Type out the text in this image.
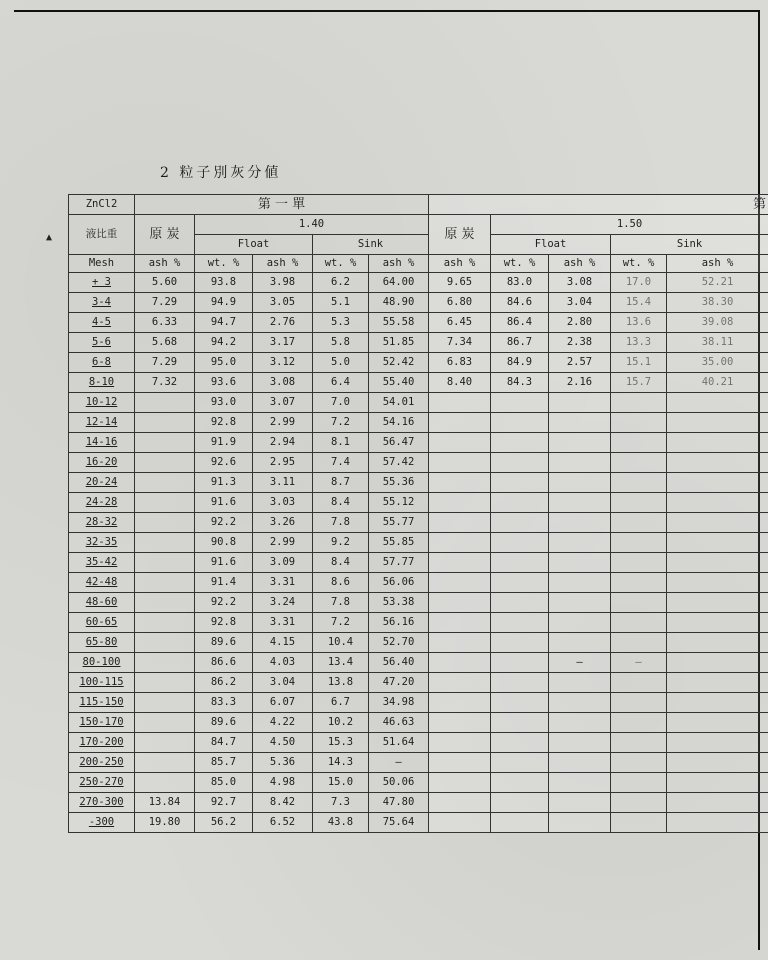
2 粒子別灰分値
▲
ZnCl2	第 一 單					第				
液比重	原 炭	1.40				原 炭	1.50			
		Float		Sink			Float		Sink	
Mesh	ash %	wt. %	ash %	wt. %	ash %	ash %	wt. %	ash %	wt. %	ash %
+ 3	5.60	93.8	3.98	6.2	64.00	9.65	83.0	3.08	17.0	52.21
3-4	7.29	94.9	3.05	5.1	48.90	6.80	84.6	3.04	15.4	38.30
4-5	6.33	94.7	2.76	5.3	55.58	6.45	86.4	2.80	13.6	39.08
5-6	5.68	94.2	3.17	5.8	51.85	7.34	86.7	2.38	13.3	38.11
6-8	7.29	95.0	3.12	5.0	52.42	6.83	84.9	2.57	15.1	35.00
8-10	7.32	93.6	3.08	6.4	55.40	8.40	84.3	2.16	15.7	40.21
10-12		93.0	3.07	7.0	54.01					
12-14		92.8	2.99	7.2	54.16					
14-16		91.9	2.94	8.1	56.47					
16-20		92.6	2.95	7.4	57.42					
20-24		91.3	3.11	8.7	55.36					
24-28		91.6	3.03	8.4	55.12					
28-32		92.2	3.26	7.8	55.77					
32-35		90.8	2.99	9.2	55.85					
35-42		91.6	3.09	8.4	57.77					
42-48		91.4	3.31	8.6	56.06					
48-60		92.2	3.24	7.8	53.38					
60-65		92.8	3.31	7.2	56.16					
65-80		89.6	4.15	10.4	52.70					
80-100		86.6	4.03	13.4	56.40			—	—	
100-115		86.2	3.04	13.8	47.20					
115-150		83.3	6.07	6.7	34.98					
150-170		89.6	4.22	10.2	46.63					
170-200		84.7	4.50	15.3	51.64					
200-250		85.7	5.36	14.3	—					
250-270		85.0	4.98	15.0	50.06					
270-300	13.84	92.7	8.42	7.3	47.80					
-300	19.80	56.2	6.52	43.8	75.64					
